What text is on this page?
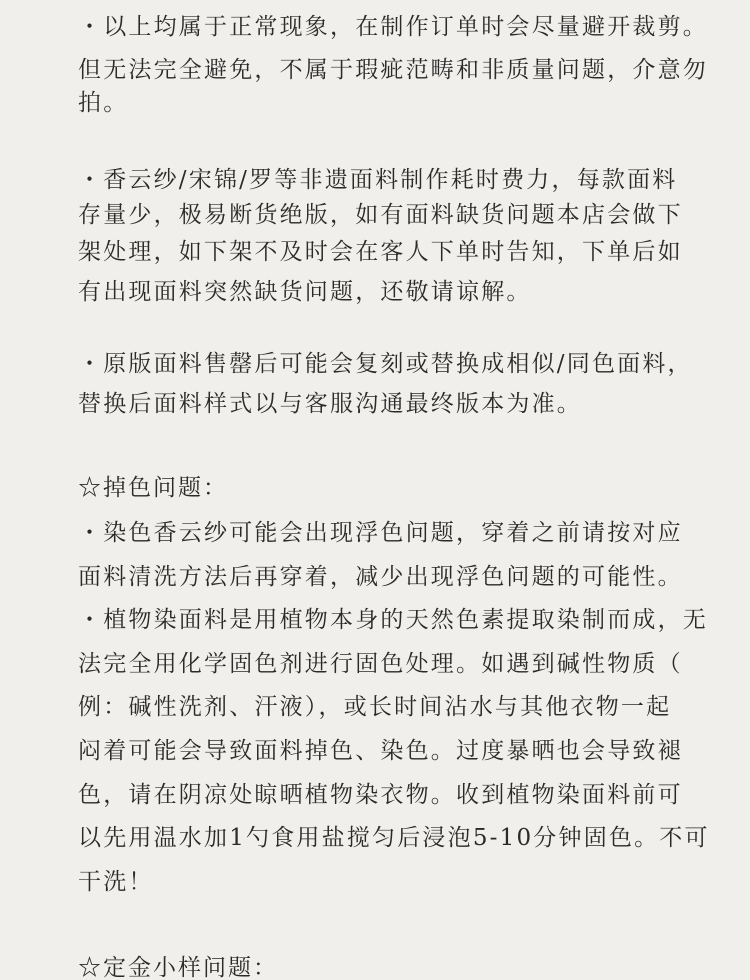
・以上均属于正常现象，在制作订单时会尽量避开裁剪。
但无法完全避免，不属于瑕疵范畴和非质量问题，介意勿
拍。
・香云纱/宋锦/罗等非遗面料制作耗时费力，每款面料
存量少，极易断货绝版，如有面料缺货问题本店会做下
架处理，如下架不及时会在客人下单时告知，下单后如
有出现面料突然缺货问题，还敬请谅解。
・原版面料售罄后可能会复刻或替换成相似/同色面料，
替换后面料样式以与客服沟通最终版本为准。
☆掉色问题：
・染色香云纱可能会出现浮色问题，穿着之前请按对应
面料清洗方法后再穿着，减少出现浮色问题的可能性。
・植物染面料是用植物本身的天然色素提取染制而成，无
法完全用化学固色剂进行固色处理。如遇到碱性物质（
例：碱性洗剂、汗液），或长时间沾水与其他衣物一起
闷着可能会导致面料掉色、染色。过度暴晒也会导致褪
色，请在阴凉处晾晒植物染衣物。收到植物染面料前可
以先用温水加1勺食用盐搅匀后浸泡5-10分钟固色。不可
干洗！
☆定金小样问题：
